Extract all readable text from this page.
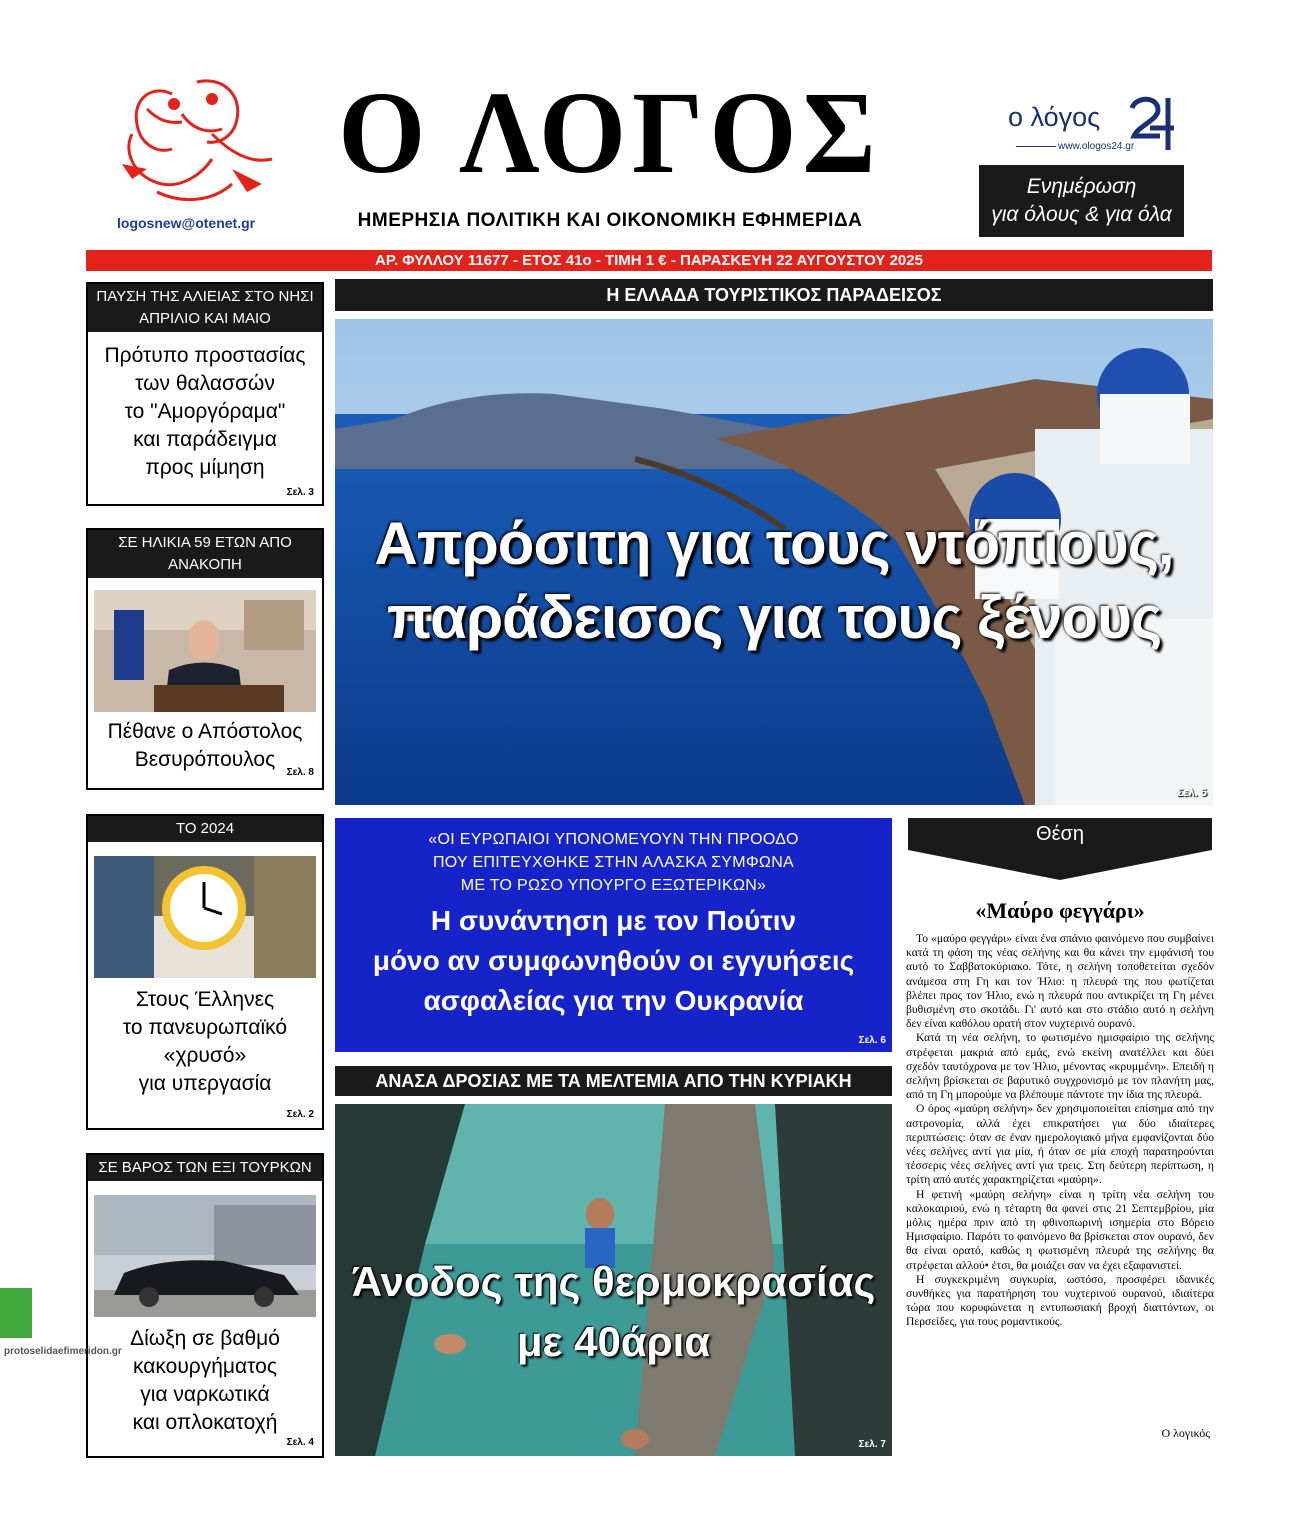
logosnew@otenet.gr
Ο ΛΟΓΟΣ
ΗΜΕΡΗΣΙΑ ΠΟΛΙΤΙΚΗ ΚΑΙ ΟΙΚΟΝΟΜΙΚΗ ΕΦΗΜΕΡΙΔΑ
ο λόγος
www.ologos24.gr
Ενημέρωση
για όλους & για όλα
ΑΡ. ΦΥΛΛΟΥ 11677 - ΕΤΟΣ 41ο - ΤΙΜΗ 1 € - ΠΑΡΑΣΚΕΥΗ 22 ΑΥΓΟΥΣΤΟΥ 2025
ΠΑΥΣΗ ΤΗΣ ΑΛΙΕΙΑΣ ΣΤΟ ΝΗΣΙ
ΑΠΡΙΛΙΟ ΚΑΙ ΜΑΙΟ
Πρότυπο προστασίας
των θαλασσών
το "Αμοργόραμα"
και παράδειγμα
προς μίμηση
Σελ. 3
ΣΕ ΗΛΙΚΙΑ 59 ΕΤΩΝ ΑΠΟ ΑΝΑΚΟΠΗ
Πέθανε ο Απόστολος
Βεσυρόπουλος
Σελ. 8
ΤΟ 2024
Στους Έλληνες
το πανευρωπαϊκό
«χρυσό»
για υπεργασία
Σελ. 2
ΣΕ ΒΑΡΟΣ ΤΩΝ ΕΞΙ ΤΟΥΡΚΩΝ
Δίωξη σε βαθμό
κακουργήματος
για ναρκωτικά
και οπλοκατοχή
Σελ. 4
Η ΕΛΛΑΔΑ ΤΟΥΡΙΣΤΙΚΟΣ ΠΑΡΑΔΕΙΣΟΣ
Απρόσιτη για τους ντόπιους,
παράδεισος για τους ξένους
Σελ. 5
«ΟΙ ΕΥΡΩΠΑΙΟΙ ΥΠΟΝΟΜΕΥΟΥΝ ΤΗΝ ΠΡΟΟΔΟ
ΠΟΥ ΕΠΙΤΕΥΧΘΗΚΕ ΣΤΗΝ ΑΛΑΣΚΑ ΣΥΜΦΩΝΑ
ΜΕ ΤΟ ΡΩΣΟ ΥΠΟΥΡΓΟ ΕΞΩΤΕΡΙΚΩΝ»
Η συνάντηση με τον Πούτιν
μόνο αν συμφωνηθούν οι εγγυήσεις
ασφαλείας για την Ουκρανία
Σελ. 6
ΑΝΑΣΑ ΔΡΟΣΙΑΣ ΜΕ ΤΑ ΜΕΛΤΕΜΙΑ ΑΠΟ ΤΗΝ ΚΥΡΙΑΚΗ
Άνοδος της θερμοκρασίας
με 40άρια
Σελ. 7
Θέση
«Μαύρο φεγγάρι»

Το «μαύρο φεγγάρι» είναι ένα σπάνιο φαινόμενο που συμβαίνει κατά τη φάση της νέας σελήνης και θα κάνει την εμφάνισή του αυτό το Σαββατοκύριακο. Τότε, η σελήνη τοποθετείται σχεδόν ανάμεσα στη Γη και τον Ήλιο: η πλευρά της που φωτίζεται βλέπει προς τον Ήλιο, ενώ η πλευρά που αντικρίζει τη Γη μένει βυθισμένη στο σκοτάδι. Γι' αυτό και στο στάδιο αυτό η σελήνη δεν είναι καθόλου ορατή στον νυχτερινό ουρανό.

Κατά τη νέα σελήνη, το φωτισμένο ημισφαίριο της σελήνης στρέφεται μακριά από εμάς, ενώ εκείνη ανατέλλει και δύει σχεδόν ταυτόχρονα με τον Ήλιο, μένοντας «κρυμμένη». Επειδή η σελήνη βρίσκεται σε βαρυτικό συγχρονισμό με τον πλανήτη μας, από τη Γη μπορούμε να βλέπουμε πάντοτε την ίδια της πλευρά.

Ο όρος «μαύρη σελήνη» δεν χρησιμοποιείται επίσημα από την αστρονομία, αλλά έχει επικρατήσει για δύο ιδιαίτερες περιπτώσεις: όταν σε έναν ημερολογιακό μήνα εμφανίζονται δύο νέες σελήνες αντί για μία, ή όταν σε μία εποχή παρατηρούνται τέσσερις νέες σελήνες αντί για τρεις. Στη δεύτερη περίπτωση, η τρίτη από αυτές χαρακτηρίζεται «μαύρη».

Η φετινή «μαύρη σελήνη» είναι η τρίτη νέα σελήνη του καλοκαιριού, ενώ η τέταρτη θα φανεί στις 21 Σεπτεμβρίου, μία μόλις ημέρα πριν από τη φθινοπωρινή ισημερία στο Βόρειο Ημισφαίριο. Παρότι το φαινόμενο θα βρίσκεται στον ουρανό, δεν θα είναι ορατό, καθώς η φωτισμένη πλευρά της σελήνης θα στρέφεται αλλού• έτσι, θα μοιάζει σαν να έχει εξαφανιστεί.

Η συγκεκριμένη συγκυρία, ωστόσο, προσφέρει ιδανικές συνθήκες για παρατήρηση του νυχτερινού ουρανού, ιδιαίτερα τώρα που κορυφώνεται η εντυπωσιακή βροχή διαττόντων, οι Περσείδες, για τους ρομαντικούς.

Ο λογικός
protoselidaefimeridon.gr
